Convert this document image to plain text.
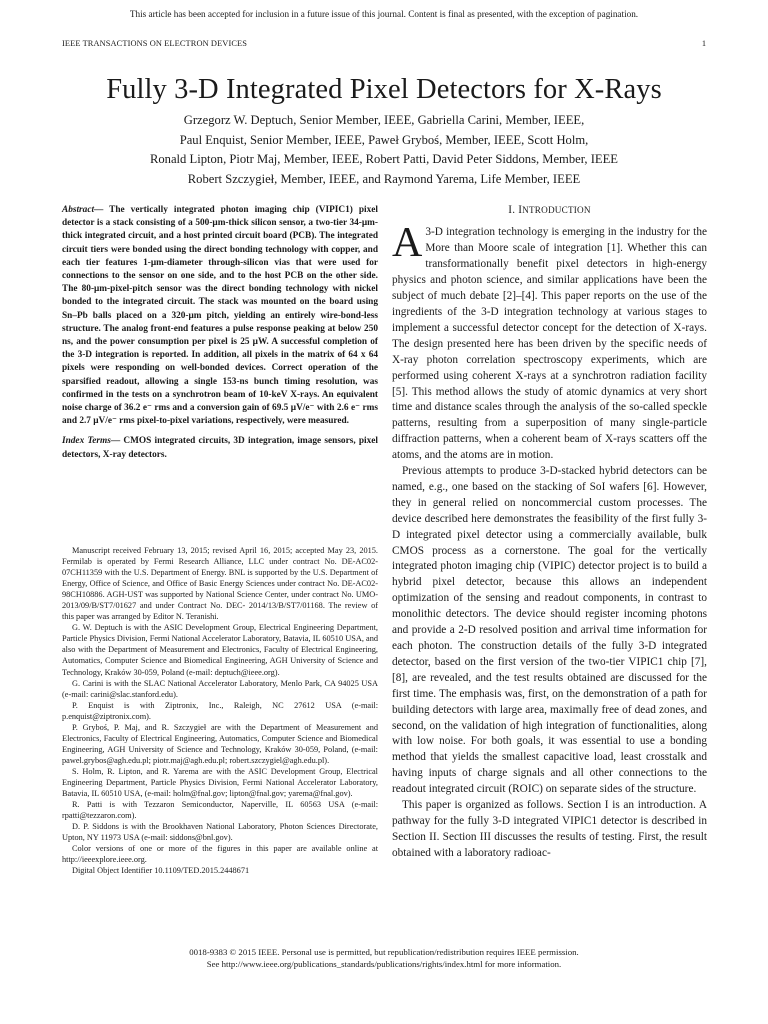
This article has been accepted for inclusion in a future issue of this journal. Content is final as presented, with the exception of pagination.
IEEE TRANSACTIONS ON ELECTRON DEVICES	1
Fully 3-D Integrated Pixel Detectors for X-Rays

Grzegorz W. Deptuch, Senior Member, IEEE, Gabriella Carini, Member, IEEE,

Paul Enquist, Senior Member, IEEE, Paweł Gryboś, Member, IEEE, Scott Holm,

Ronald Lipton, Piotr Maj, Member, IEEE, Robert Patti, David Peter Siddons, Member, IEEE

Robert Szczygieł, Member, IEEE, and Raymond Yarema, Life Member, IEEE

Abstract— The vertically integrated photon imaging chip (VIPIC1) pixel detector is a stack consisting of a 500-μm-thick silicon sensor, a two-tier 34-μm-thick integrated circuit, and a host printed circuit board (PCB). The integrated circuit tiers were bonded using the direct bonding technology with copper, and each tier features 1-μm-diameter through-silicon vias that were used for connections to the sensor on one side, and to the host PCB on the other side. The 80-μm-pixel-pitch sensor was the direct bonding technology with nickel bonded to the integrated circuit. The stack was mounted on the board using Sn–Pb balls placed on a 320-μm pitch, yielding an entirely wire-bond-less structure. The analog front-end features a pulse response peaking at below 250 ns, and the power consumption per pixel is 25 μW. A successful completion of the 3-D integration is reported. In addition, all pixels in the matrix of 64 x 64 pixels were responding on well-bonded devices. Correct operation of the sparsified readout, allowing a single 153-ns bunch timing resolution, was confirmed in the tests on a synchrotron beam of 10-keV X-rays. An equivalent noise charge of 36.2 e⁻ rms and a conversion gain of 69.5 μV/e⁻ with 2.6 e⁻ rms and 2.7 μV/e⁻ rms pixel-to-pixel variations, respectively, were measured.

Index Terms— CMOS integrated circuits, 3D integration, image sensors, pixel detectors, X-ray detectors.

Manuscript received February 13, 2015; revised April 16, 2015; accepted May 23, 2015. Fermilab is operated by Fermi Research Alliance, LLC under contract No. DE-AC02-07CH11359 with the U.S. Department of Energy. BNL is supported by the U.S. Department of Energy, Office of Science, and Office of Basic Energy Sciences under contract No. DE-AC02-98CH10886. AGH-UST was supported by National Science Center, under contract No. UMO-2013/09/B/ST7/01627 and under Contract No. DEC- 2014/13/B/ST7/01168. The review of this paper was arranged by Editor N. Teranishi.

G. W. Deptuch is with the ASIC Development Group, Electrical Engineering Department, Particle Physics Division, Fermi National Accelerator Laboratory, Batavia, IL 60510 USA, and also with the Department of Measurement and Electronics, Faculty of Electrical Engineering, Automatics, Computer Science and Biomedical Engineering, AGH University of Science and Technology, Kraków 30-059, Poland (e-mail: deptuch@ieee.org).

G. Carini is with the SLAC National Accelerator Laboratory, Menlo Park, CA 94025 USA (e-mail: carini@slac.stanford.edu).

P. Enquist is with Ziptronix, Inc., Raleigh, NC 27612 USA (e-mail: p.enquist@ziptronix.com).

P. Gryboś, P. Maj, and R. Szczygieł are with the Department of Measurement and Electronics, Faculty of Electrical Engineering, Automatics, Computer Science and Biomedical Engineering, AGH University of Science and Technology, Kraków 30-059, Poland, (e-mail: pawel.grybos@agh.edu.pl; piotr.maj@agh.edu.pl; robert.szczygiel@agh.edu.pl).

S. Holm, R. Lipton, and R. Yarema are with the ASIC Development Group, Electrical Engineering Department, Particle Physics Division, Fermi National Accelerator Laboratory, Batavia, IL 60510 USA, (e-mail: holm@fnal.gov; lipton@fnal.gov; yarema@fnal.gov).

R. Patti is with Tezzaron Semiconductor, Naperville, IL 60563 USA (e-mail: rpatti@tezzaron.com).

D. P. Siddons is with the Brookhaven National Laboratory, Photon Sciences Directorate, Upton, NY 11973 USA (e-mail: siddons@bnl.gov).

Color versions of one or more of the figures in this paper are available online at http://ieeexplore.ieee.org.

Digital Object Identifier 10.1109/TED.2015.2448671

I. INTRODUCTION

A 3-D integration technology is emerging in the industry for the More than Moore scale of integration [1]. Whether this can transformationally benefit pixel detectors in high-energy physics and photon science, and similar applications have been the subject of much debate [2]–[4]. This paper reports on the use of the ingredients of the 3-D integration technology at various stages to implement a successful detector concept for the detection of X-rays. The design presented here has been driven by the specific needs of X-ray photon correlation spectroscopy experiments, which are performed using coherent X-rays at a synchrotron radiation facility [5]. This method allows the study of atomic dynamics at very short time and distance scales through the analysis of the so-called speckle patterns, resulting from a superposition of many single-particle diffraction patterns, when a coherent beam of X-rays scatters off the atoms, and the atoms are in motion.

Previous attempts to produce 3-D-stacked hybrid detectors can be named, e.g., one based on the stacking of SoI wafers [6]. However, they in general relied on noncommercial custom processes. The device described here demonstrates the feasibility of the first fully 3-D integrated pixel detector using a commercially available, bulk CMOS process as a cornerstone. The goal for the vertically integrated photon imaging chip (VIPIC) detector project is to build a hybrid pixel detector, because this allows an independent optimization of the sensing and readout components, in contrast to monolithic detectors. The device should register incoming photons and provide a 2-D resolved position and arrival time information for each photon. The construction details of the fully 3-D integrated detector, based on the first version of the two-tier VIPIC1 chip [7], [8], are revealed, and the test results obtained are discussed for the first time. The emphasis was, first, on the demonstration of a path for building detectors with large area, maximally free of dead zones, and second, on the validation of high integration of functionalities, along with low noise. For both goals, it was essential to use a bonding method that yields the smallest capacitive load, least crosstalk and having inputs of charge signals and all other connections to the readout integrated circuit (ROIC) on separate sides of the structure.

This paper is organized as follows. Section I is an introduction. A pathway for the fully 3-D integrated VIPIC1 detector is described in Section II. Section III discusses the results of testing. First, the result obtained with a laboratory radioac-

0018-9383 © 2015 IEEE. Personal use is permitted, but republication/redistribution requires IEEE permission.

See http://www.ieee.org/publications_standards/publications/rights/index.html for more information.
